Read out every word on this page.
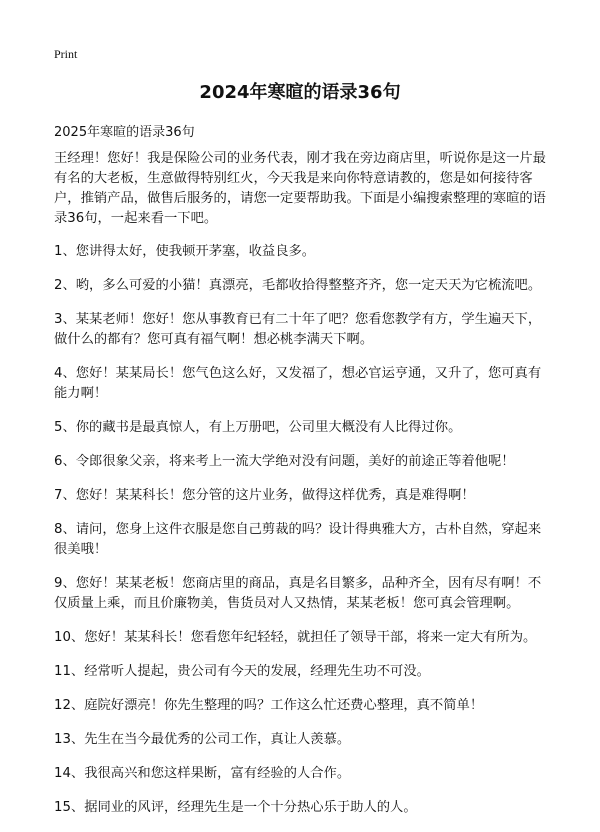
Print
2024年寒暄的语录36句
2025年寒暄的语录36句

王经理！您好！我是保险公司的业务代表，刚才我在旁边商店里，听说你是这一片最有名的大老板，生意做得特别红火，今天我是来向你特意请教的，您是如何接待客户，推销产品，做售后服务的，请您一定要帮助我。下面是小编搜索整理的寒暄的语录36句，一起来看一下吧。

1、您讲得太好，使我顿开茅塞，收益良多。

2、哟，多么可爱的小猫！真漂亮，毛都收拾得整整齐齐，您一定天天为它梳流吧。

3、某某老师！您好！您从事教育已有二十年了吧？您看您教学有方，学生遍天下，做什么的都有？您可真有福气啊！想必桃李满天下啊。

4、您好！某某局长！您气色这么好，又发福了，想必官运亨通，又升了，您可真有能力啊！

5、你的藏书是最真惊人，有上万册吧，公司里大概没有人比得过你。

6、令郎很象父亲，将来考上一流大学绝对没有问题，美好的前途正等着他呢！

7、您好！某某科长！您分管的这片业务，做得这样优秀，真是难得啊！

8、请问，您身上这件衣服是您自己剪裁的吗？设计得典雅大方，古朴自然，穿起来很美哦！

9、您好！某某老板！您商店里的商品，真是名目繁多，品种齐全，因有尽有啊！不仅质量上乘，而且价廉物美，售货员对人又热情，某某老板！您可真会管理啊。

10、您好！某某科长！您看您年纪轻轻，就担任了领导干部，将来一定大有所为。

11、经常听人提起，贵公司有今天的发展，经理先生功不可没。

12、庭院好漂亮！你先生整理的吗？工作这么忙还费心整理，真不简单！

13、先生在当今最优秀的公司工作，真让人羡慕。

14、我很高兴和您这样果断，富有经验的人合作。

15、据同业的风评，经理先生是一个十分热心乐于助人的人。
